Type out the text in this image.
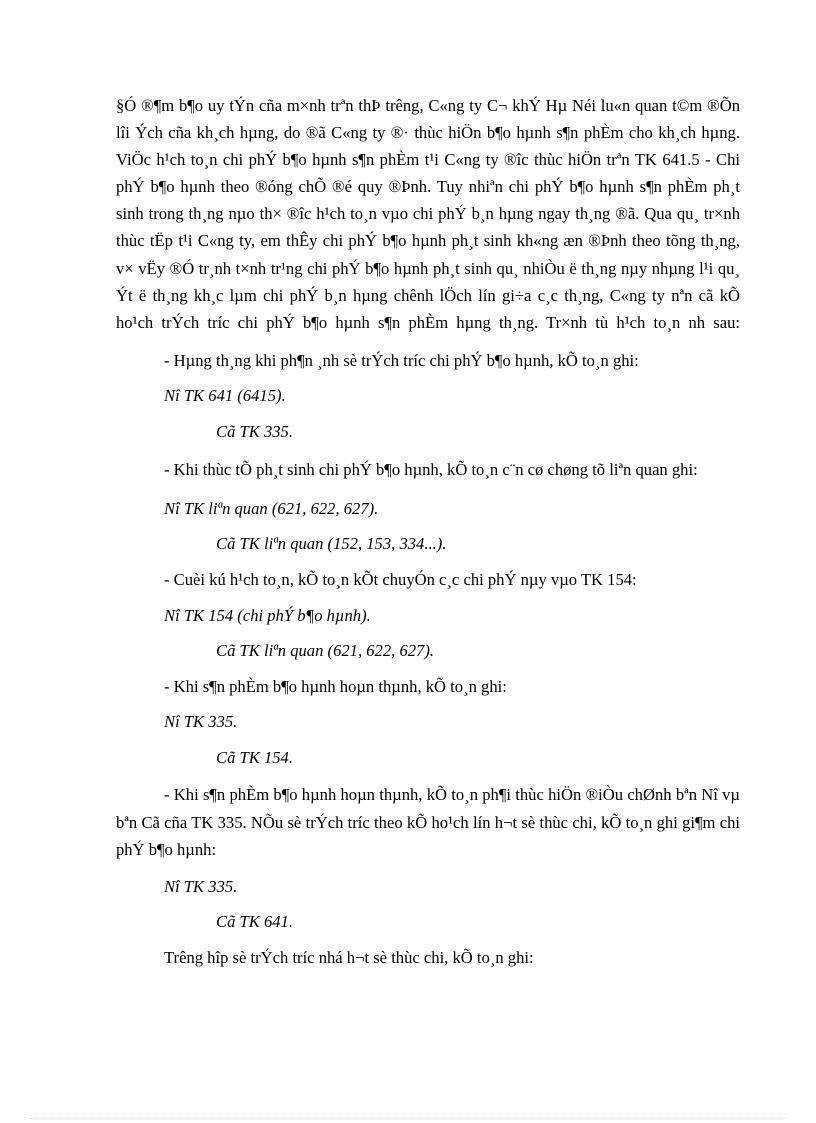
§Ó ®¶m b¶o uy tÝn cña m×nh trªn thÞ trêng, C«ng ty C¬ khÝ Hµ Néi lu«n quan t©m ®Õn lîi Ých cña kh¸ch hµng, do ®ã C«ng ty ®· thùc hiÖn b¶o hµnh s¶n phÈm cho kh¸ch hµng. ViÖc h¹ch to¸n chi phÝ b¶o hµnh s¶n phÈm t¹i C«ng ty ®îc thùc hiÖn trªn TK 641.5 - Chi phÝ b¶o hµnh theo ®óng chÕ ®é quy ®Þnh. Tuy nhiªn chi phÝ b¶o hµnh s¶n phÈm ph¸t sinh trong th¸ng nµo th× ®îc h¹ch to¸n vµo chi phÝ b¸n hµng ngay th¸ng ®ã. Qua qu¸ tr×nh thùc tËp t¹i C«ng ty, em thÊy chi phÝ b¶o hµnh ph¸t sinh kh«ng æn ®Þnh theo tõng th¸ng, v× vËy ®Ó tr¸nh t×nh tr¹ng chi phÝ b¶o hµnh ph¸t sinh qu¸ nhiÒu ë th¸ng nµy nhµng l¹i qu¸ Ýt ë th¸ng kh¸c lµm chi phÝ b¸n hµng chênh lÖch lín gi÷a c¸c th¸ng, C«ng ty nªn cã kÕ ho¹ch trÝch tríc chi phÝ b¶o hµnh s¶n phÈm hµng th¸ng. Tr×nh tù h¹ch to¸n nh sau:

- Hµng th¸ng khi ph¶n ¸nh sè trÝch tríc chi phÝ b¶o hµnh, kÕ to¸n ghi:

Nî TK 641 (6415).

Cã TK 335.

- Khi thùc tÕ ph¸t sinh chi phÝ b¶o hµnh, kÕ to¸n c¨n cø chøng tõ liªn quan ghi:

Nî TK liªn quan (621, 622, 627).

Cã TK liªn quan (152, 153, 334...).

- Cuèi kú h¹ch to¸n, kÕ to¸n kÕt chuyÓn c¸c chi phÝ nµy vµo TK 154:

Nî TK 154 (chi phÝ b¶o hµnh).

Cã TK liªn quan (621, 622, 627).

- Khi s¶n phÈm b¶o hµnh hoµn thµnh, kÕ to¸n ghi:

Nî TK 335.

Cã TK 154.

- Khi s¶n phÈm b¶o hµnh hoµn thµnh, kÕ to¸n ph¶i thùc hiÖn ®iÒu chØnh bªn Nî vµ bªn Cã cña TK 335. NÕu sè trÝch tríc theo kÕ ho¹ch lín h¬t sè thùc chi, kÕ to¸n ghi gi¶m chi phÝ b¶o hµnh:

Nî TK 335.

Cã TK 641.

Trêng hîp sè trÝch tríc nhá h¬t sè thùc chi, kÕ to¸n ghi:
